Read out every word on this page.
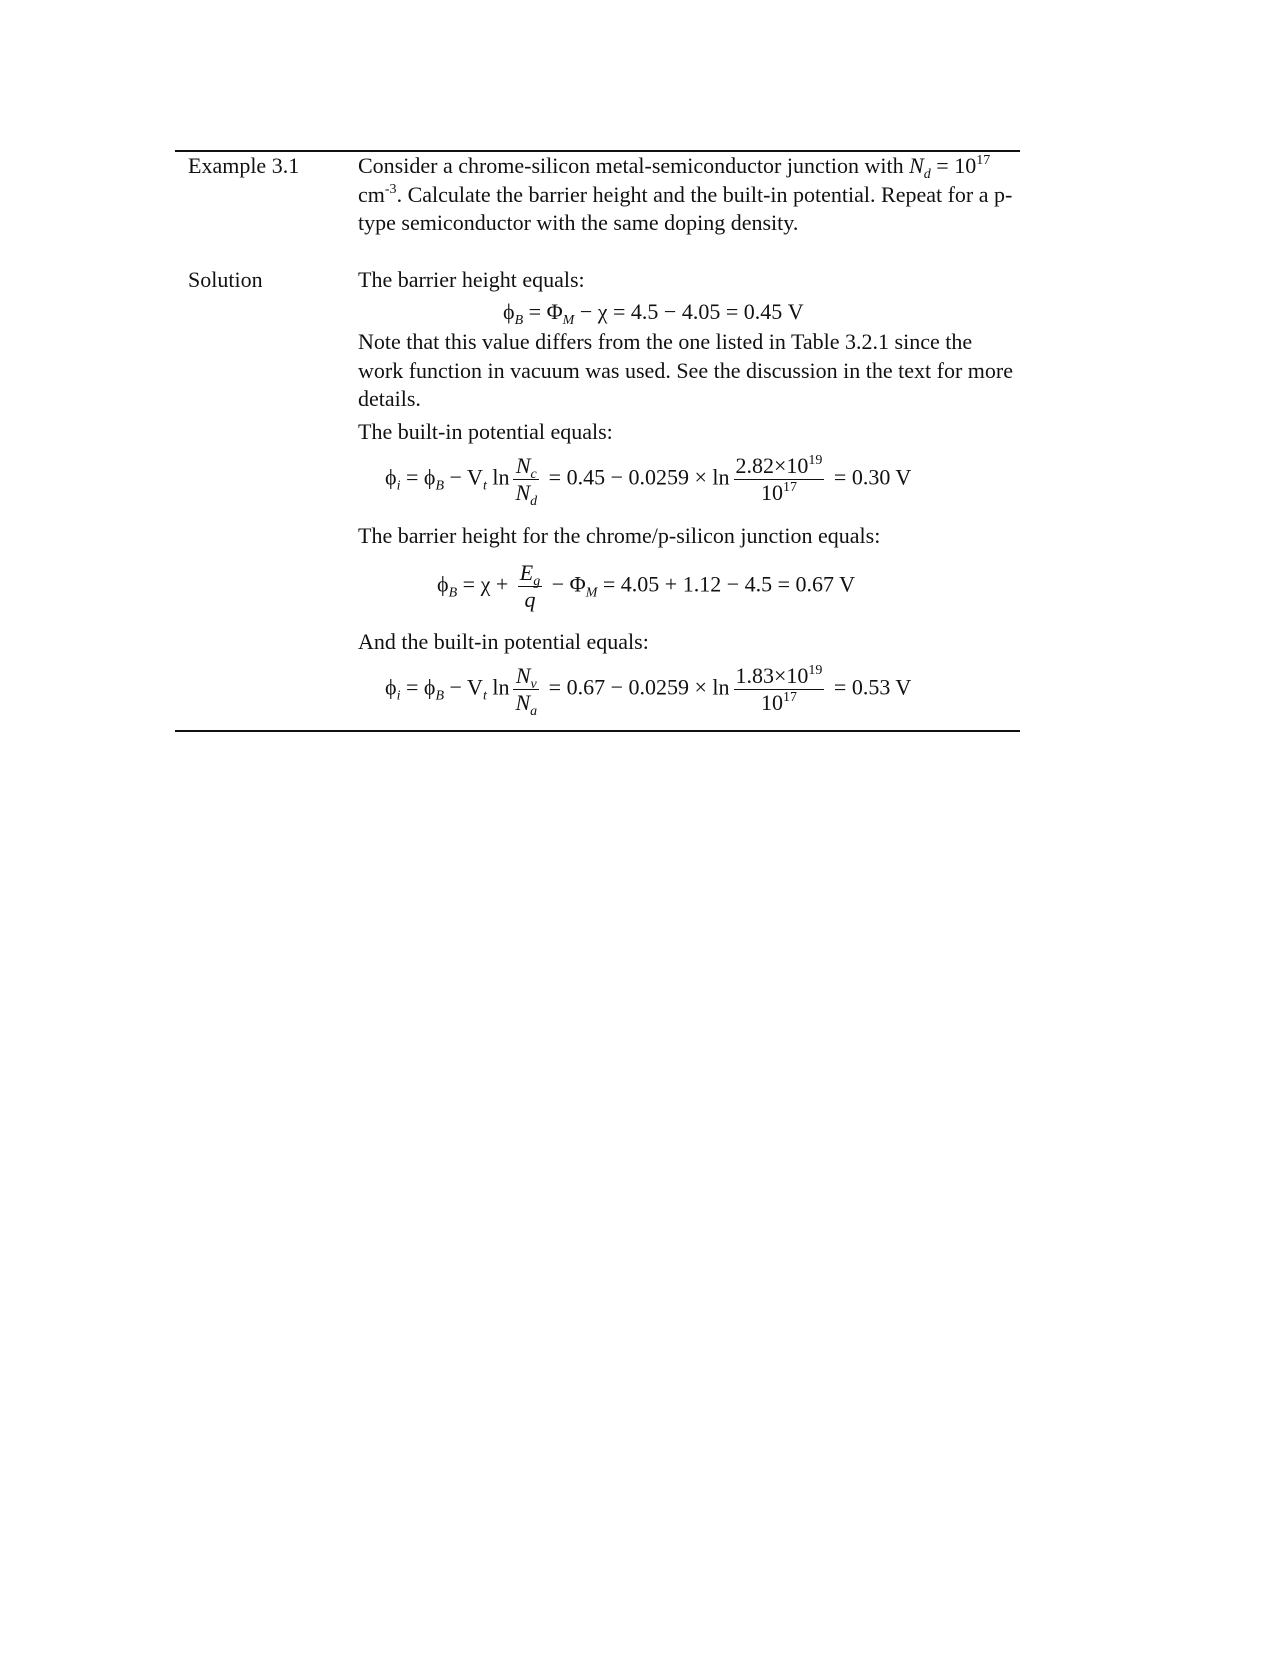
Example 3.1	Consider a chrome-silicon metal-semiconductor junction with $N_d = 10^{17}$ $cm^{-3}$. Calculate the barrier height and the built-in potential. Repeat for a p-type semiconductor with the same doping density.
Solution	The barrier height equals:
$\phi_B = \Phi_M - \chi = 4.5 - 4.05 = 0.45$ V
Note that this value differs from the one listed in Table 3.2.1 since the work function in vacuum was used. See the discussion in the text for more details.
The built-in potential equals:
$\phi_i = \phi_B - V_t$ $\ln \frac{N_c}{N_d} = 0.45 - 0.0259 \times \ln \frac{2.82\times 10^{19}}{10^{17}} = 0.30$ V
The barrier height for the chrome/p-silicon junction equals:
$\phi_B = \chi + \frac{E_g}{q} - \Phi_M = 4.05 + 1.12 - 4.5 = 0.67$ V
And the built-in potential equals:
$\phi_i = \phi_B - V_t$ $\ln \frac{N_v}{N_a} = 0.67 - 0.0259 \times \ln \frac{1.83\times 10^{19}}{10^{17}} = 0.53$ V
